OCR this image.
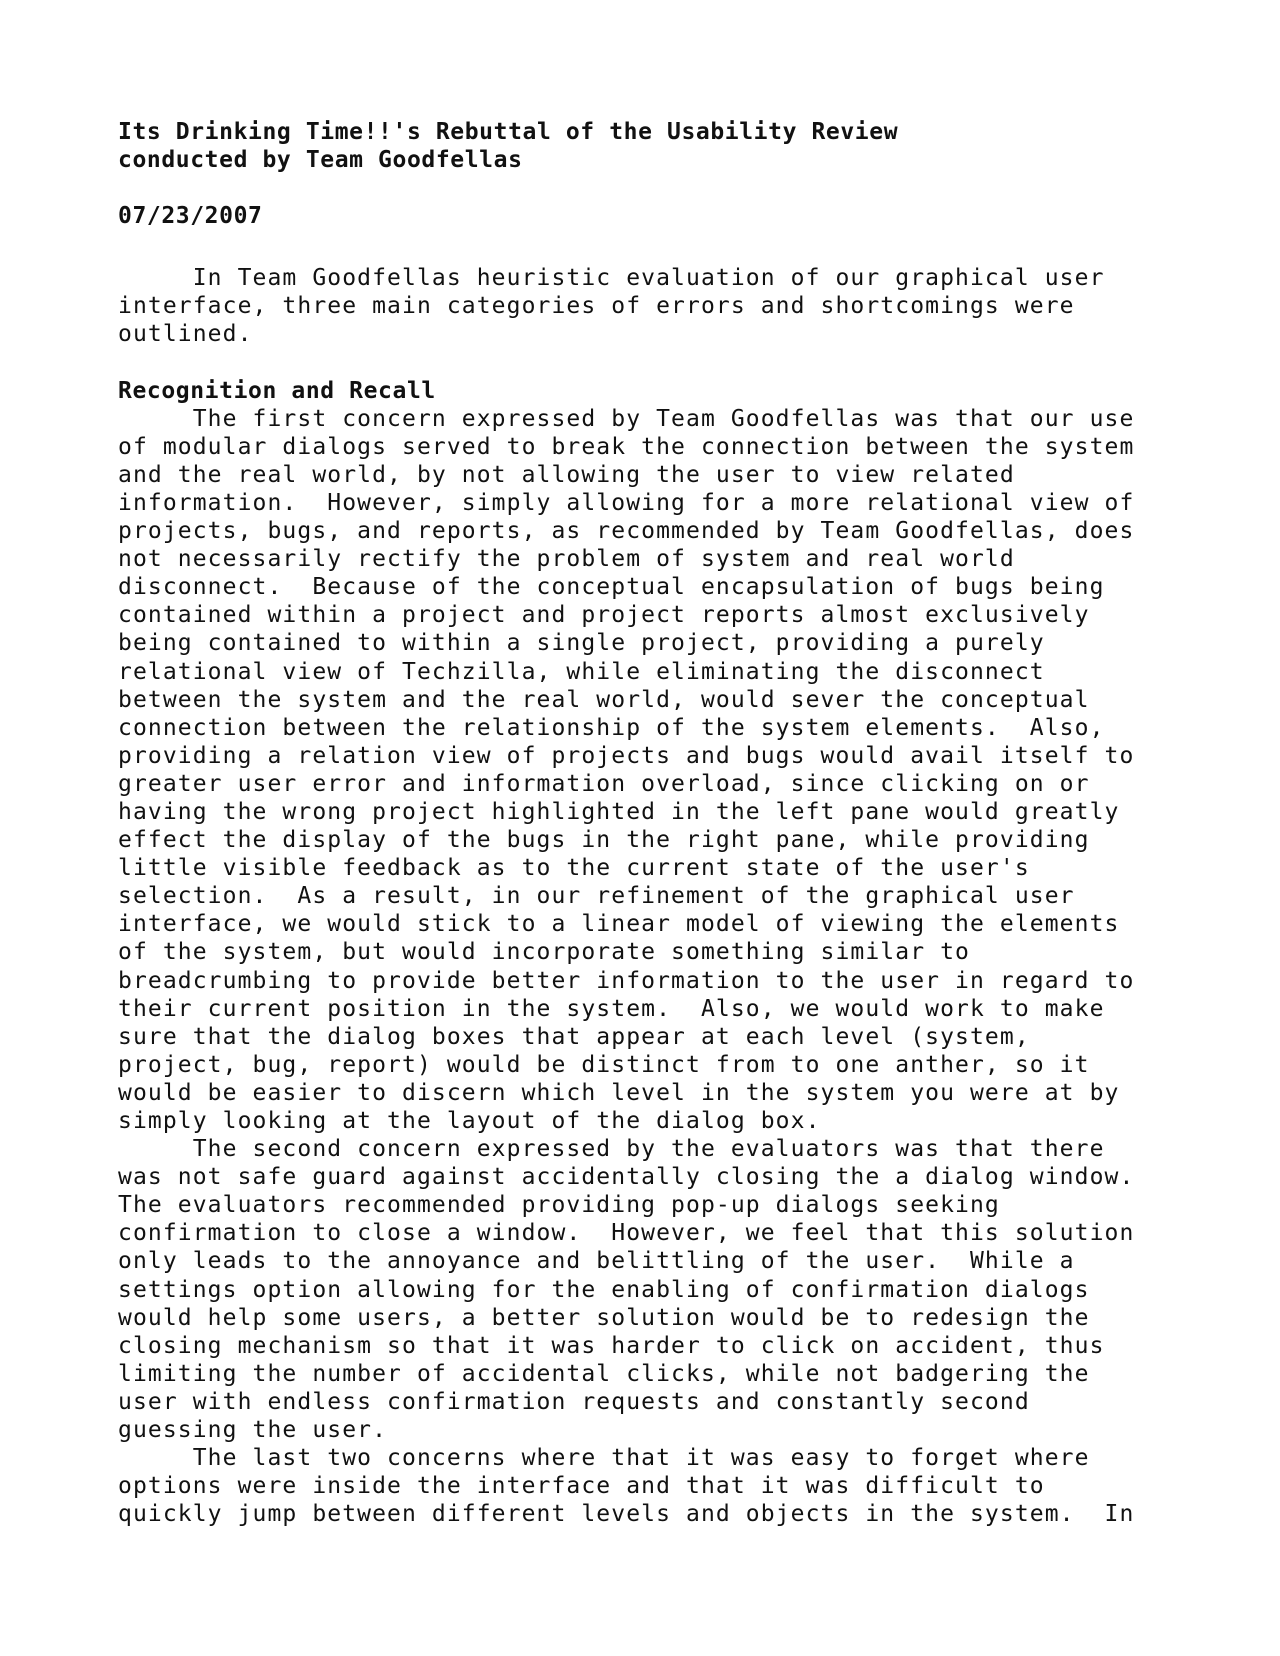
Its Drinking Time!!'s Rebuttal of the Usability Review
conducted by Team Goodfellas
07/23/2007
In Team Goodfellas heuristic evaluation of our graphical user
interface, three main categories of errors and shortcomings were
outlined.
Recognition and Recall
The first concern expressed by Team Goodfellas was that our use
of modular dialogs served to break the connection between the system
and the real world, by not allowing the user to view related
information.  However, simply allowing for a more relational view of
projects, bugs, and reports, as recommended by Team Goodfellas, does
not necessarily rectify the problem of system and real world
disconnect.  Because of the conceptual encapsulation of bugs being
contained within a project and project reports almost exclusively
being contained to within a single project, providing a purely
relational view of Techzilla, while eliminating the disconnect
between the system and the real world, would sever the conceptual
connection between the relationship of the system elements.  Also,
providing a relation view of projects and bugs would avail itself to
greater user error and information overload, since clicking on or
having the wrong project highlighted in the left pane would greatly
effect the display of the bugs in the right pane, while providing
little visible feedback as to the current state of the user's
selection.  As a result, in our refinement of the graphical user
interface, we would stick to a linear model of viewing the elements
of the system, but would incorporate something similar to
breadcrumbing to provide better information to the user in regard to
their current position in the system.  Also, we would work to make
sure that the dialog boxes that appear at each level (system,
project, bug, report) would be distinct from to one anther, so it
would be easier to discern which level in the system you were at by
simply looking at the layout of the dialog box.
The second concern expressed by the evaluators was that there
was not safe guard against accidentally closing the a dialog window.
The evaluators recommended providing pop-up dialogs seeking
confirmation to close a window.  However, we feel that this solution
only leads to the annoyance and belittling of the user.  While a
settings option allowing for the enabling of confirmation dialogs
would help some users, a better solution would be to redesign the
closing mechanism so that it was harder to click on accident, thus
limiting the number of accidental clicks, while not badgering the
user with endless confirmation requests and constantly second
guessing the user.
The last two concerns where that it was easy to forget where
options were inside the interface and that it was difficult to
quickly jump between different levels and objects in the system.  In
